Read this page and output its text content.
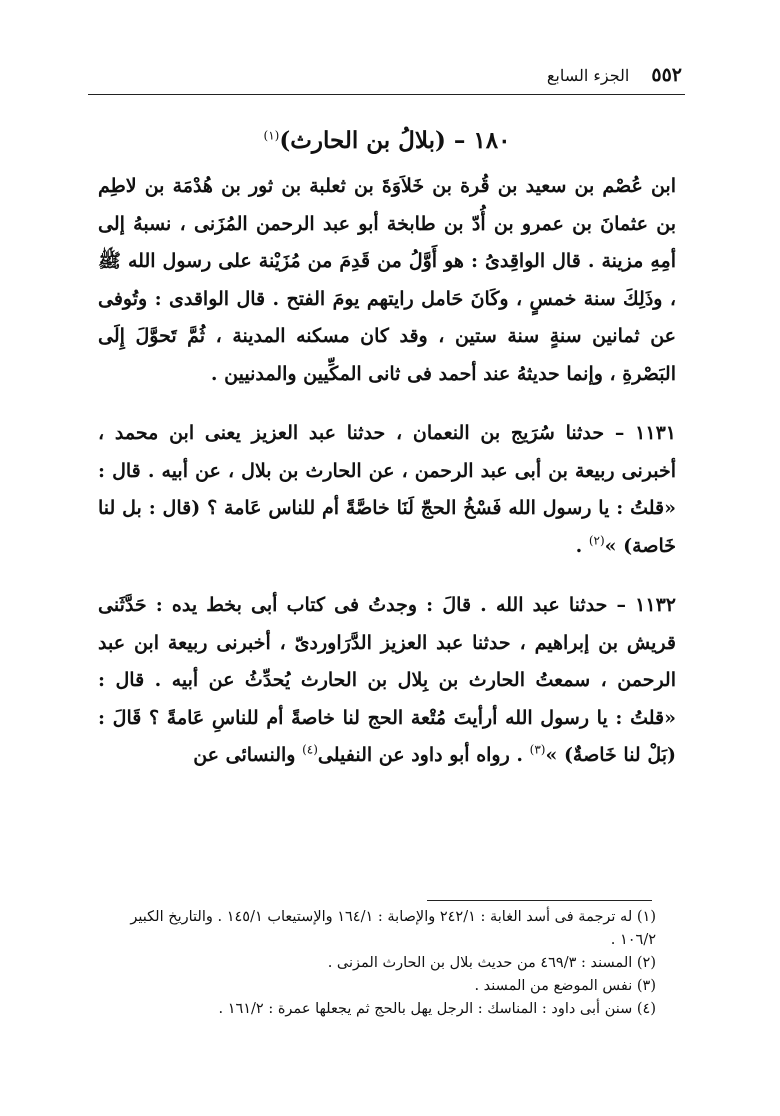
٥٥٢
الجزء السابع
١٨٠ – (بلالُ بن الحارث)$^{(١)}$

ابن عُصْم بن سعيد بن قُرة بن خَلاَوَةَ بن ثعلبة بن ثور بن هُدْمَة بن لاطِم بن عثمانَ بن عمرو بن أُدّ بن طابخة أبو عبد الرحمن المُزَنى ، نسبهُ إلى أمِهِ مزينة . قال الواقِدىُ : هو أَوَّلُ من قَدِمَ من مُزَيْنة على رسول الله ﷺ ، وذَلِكَ سنة خمسٍ ، وكَانَ حَامل رايتهم يومَ الفتح . قال الواقدى : وتُوفى عن ثمانين سنةٍ سنة ستين ، وقد كان مسكنه المدينة ، ثُمَّ تَحوَّلَ إِلَى البَصْرةِ ، وإنما حديثهُ عند أحمد فى ثانى المكِّيين والمدنيين .

١١٣١ – حدثنا سُرَيج بن النعمان ، حدثنا عبد العزيز يعنى ابن محمد ، أخبرنى ربيعة بن أبى عبد الرحمن ، عن الحارث بن بلال ، عن أبيه . قال : «قلتُ : يا رسول الله فَسْخُ الحجّ لَنَا خاصَّةً أم للناس عَامة ؟ (قال : بل لنا خَاصة) »$^{(٢)}$ .

١١٣٢ – حدثنا عبد الله . قالَ : وجدتُ فى كتاب أبى بخط يده : حَدَّثَنى قريش بن إبراهيم ، حدثنا عبد العزيز الدَّرَاوردىّ ، أخبرنى ربيعة ابن عبد الرحمن ، سمعتُ الحارث بن بِلال بن الحارث يُحدِّثُ عن أبيه . قال : «قلتُ : يا رسول الله أرأيتَ مُتْعة الحج لنا خاصةً أم للناسِ عَامةً ؟ قَالَ : (بَلْ لنا خَاصةٌ) »$^{(٣)}$ . رواه أبو داود عن النفيلى$^{(٤)}$ والنسائى عن

(١) له ترجمة فى أسد الغابة : ٢٤٢/١ والإصابة : ١٦٤/١ والإستيعاب ١٤٥/١ . والتاريخ الكبير ١٠٦/٢ .

(٢) المسند : ٤٦٩/٣ من حديث بلال بن الحارث المزنى .

(٣) نفس الموضع من المسند .

(٤) سنن أبى داود : المناسك : الرجل يهل بالحج ثم يجعلها عمرة : ١٦١/٢ .
